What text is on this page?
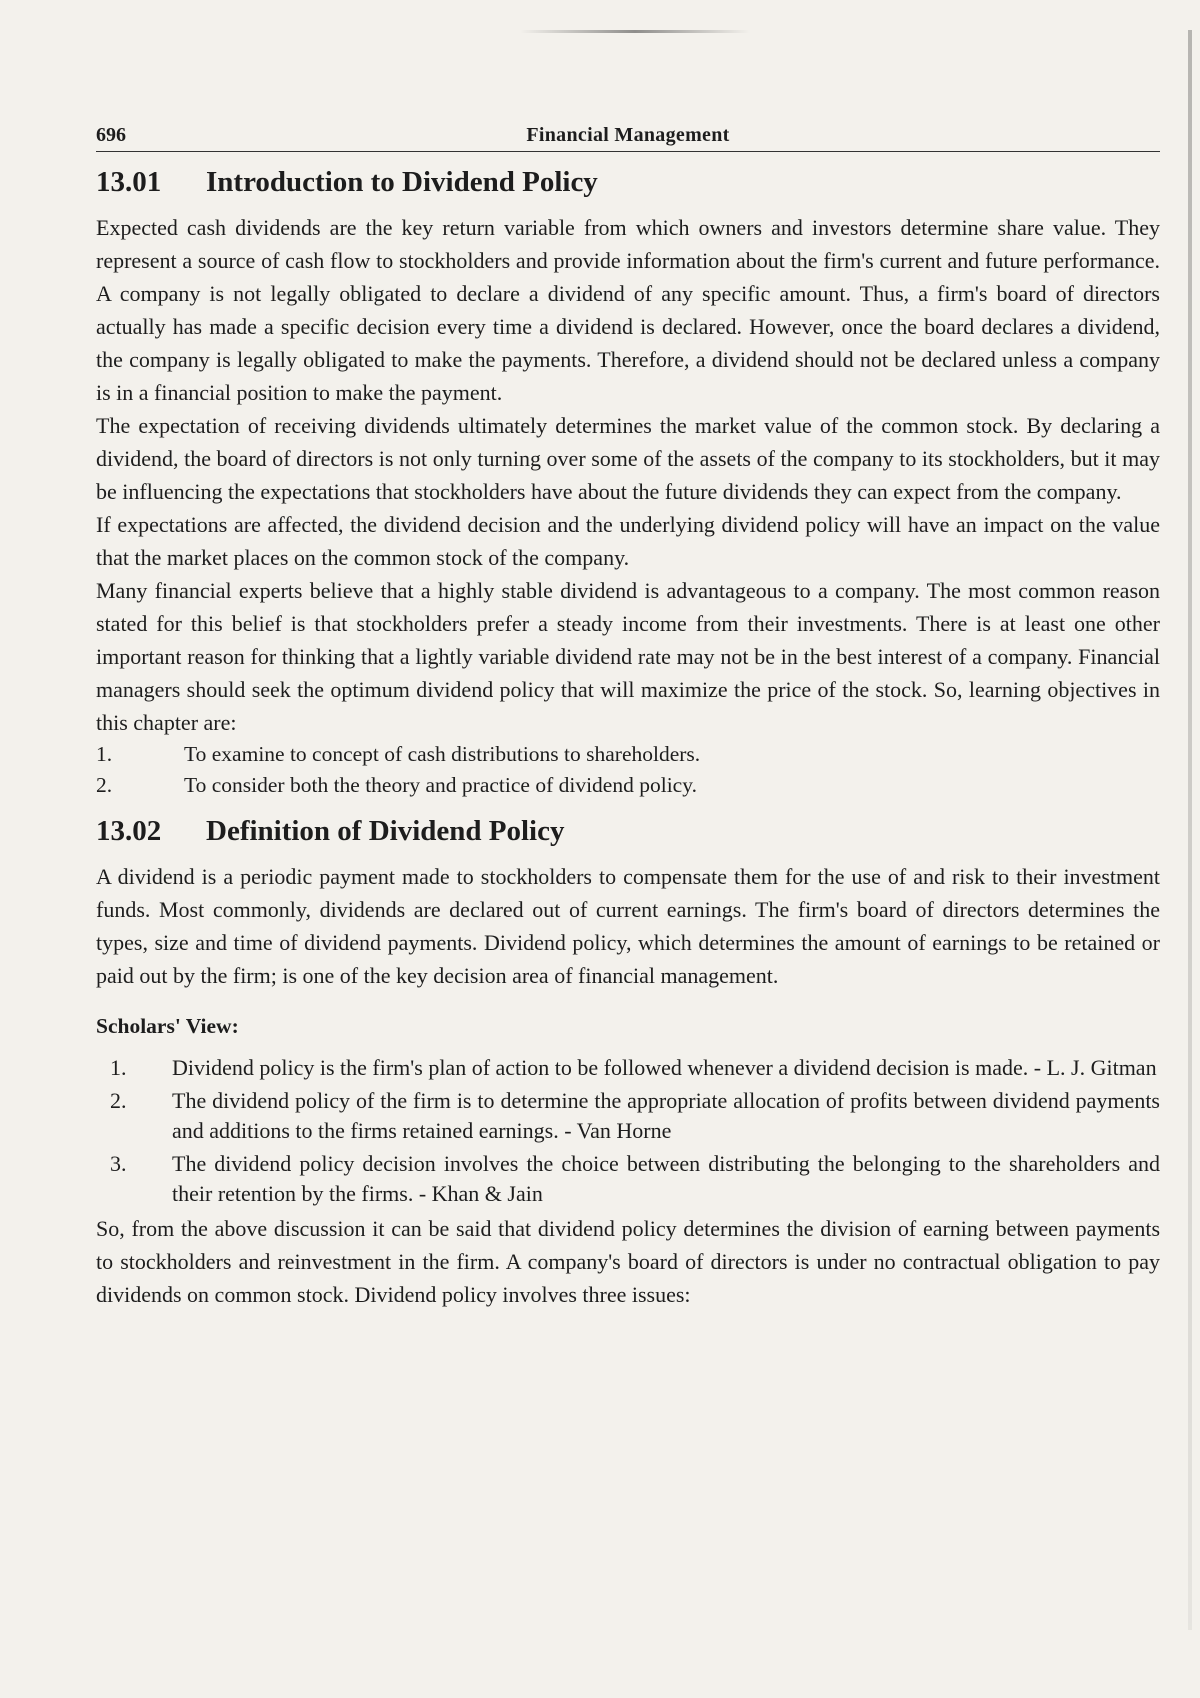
696	Financial Management
13.01	Introduction to Dividend Policy

Expected cash dividends are the key return variable from which owners and investors determine share value. They represent a source of cash flow to stockholders and provide information about the firm's current and future performance. A company is not legally obligated to declare a dividend of any specific amount. Thus, a firm's board of directors actually has made a specific decision every time a dividend is declared. However, once the board declares a dividend, the company is legally obligated to make the payments. Therefore, a dividend should not be declared unless a company is in a financial position to make the payment.

The expectation of receiving dividends ultimately determines the market value of the common stock. By declaring a dividend, the board of directors is not only turning over some of the assets of the company to its stockholders, but it may be influencing the expectations that stockholders have about the future dividends they can expect from the company.

If expectations are affected, the dividend decision and the underlying dividend policy will have an impact on the value that the market places on the common stock of the company.

Many financial experts believe that a highly stable dividend is advantageous to a company. The most common reason stated for this belief is that stockholders prefer a steady income from their investments. There is at least one other important reason for thinking that a lightly variable dividend rate may not be in the best interest of a company. Financial managers should seek the optimum dividend policy that will maximize the price of the stock. So, learning objectives in this chapter are:

1.	To examine to concept of cash distributions to shareholders.
2.	To consider both the theory and practice of dividend policy.
13.02	Definition of Dividend Policy

A dividend is a periodic payment made to stockholders to compensate them for the use of and risk to their investment funds. Most commonly, dividends are declared out of current earnings. The firm's board of directors determines the types, size and time of dividend payments. Dividend policy, which determines the amount of earnings to be retained or paid out by the firm; is one of the key decision area of financial management.

Scholars' View:
1.	Dividend policy is the firm's plan of action to be followed whenever a dividend decision is made. - L. J. Gitman
2.	The dividend policy of the firm is to determine the appropriate allocation of profits between dividend payments and additions to the firms retained earnings. - Van Horne
3.	The dividend policy decision involves the choice between distributing the belonging to the shareholders and their retention by the firms. - Khan & Jain

So, from the above discussion it can be said that dividend policy determines the division of earning between payments to stockholders and reinvestment in the firm. A company's board of directors is under no contractual obligation to pay dividends on common stock. Dividend policy involves three issues:
